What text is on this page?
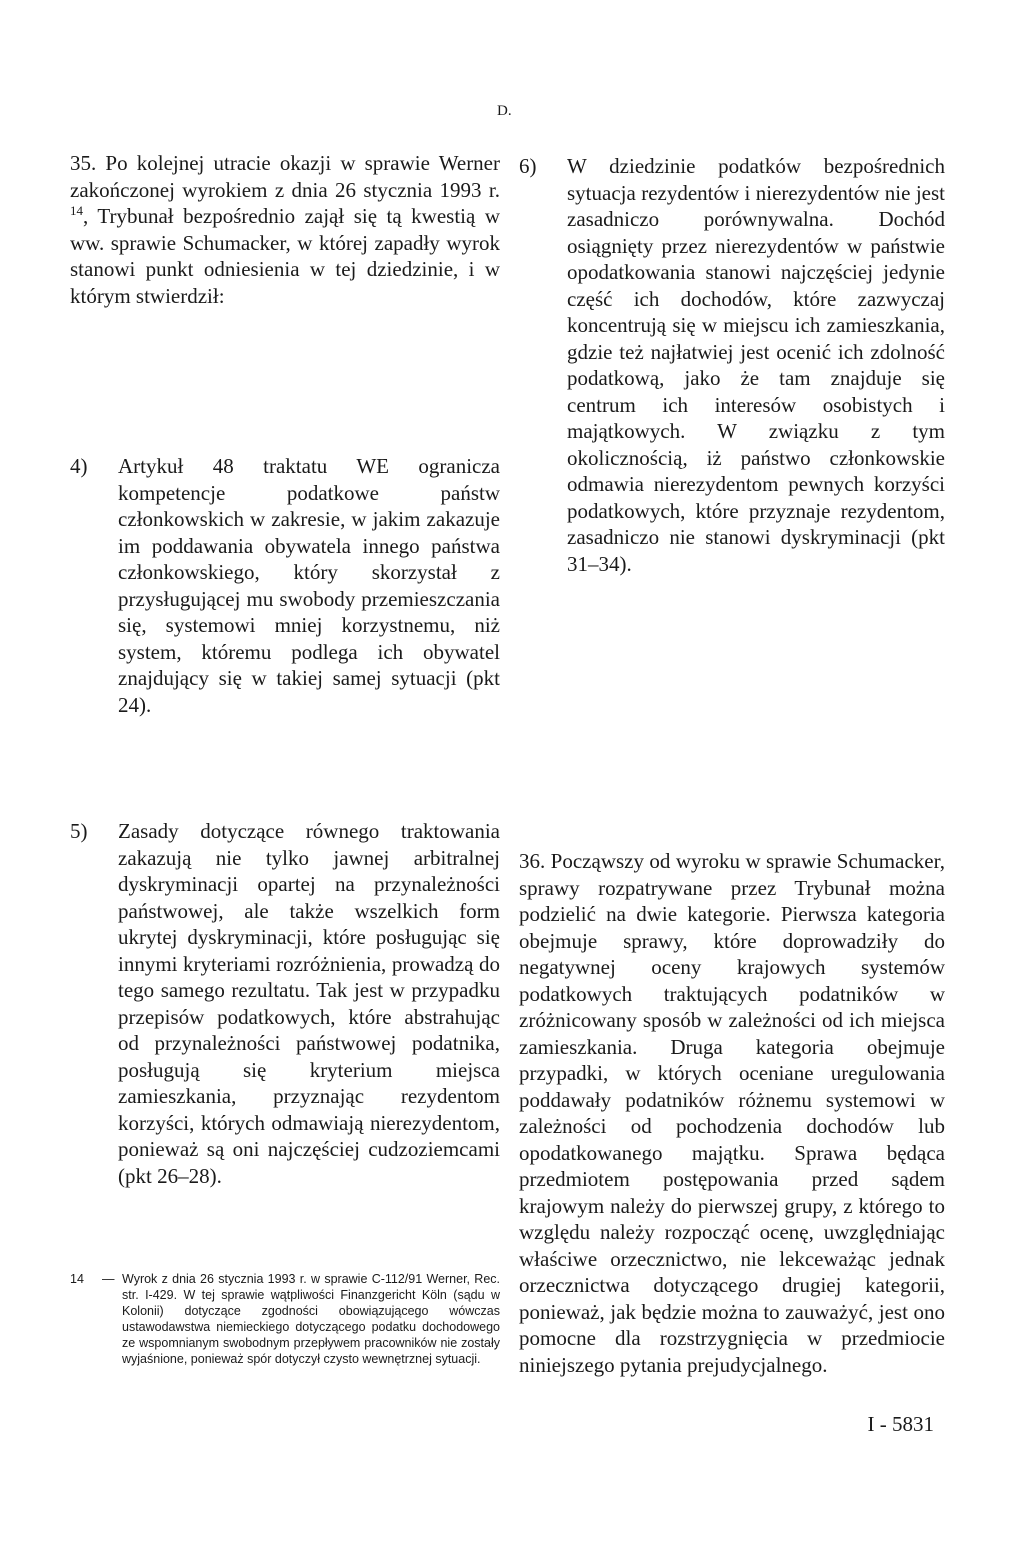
D.

35. Po kolejnej utracie okazji w sprawie Werner zakończonej wyrokiem z dnia 26 stycznia 1993 r. $^{14}$, Trybunał bezpośrednio zajął się tą kwestią w ww. sprawie Schumacker, w której zapadły wyrok stanowi punkt odniesienia w tej dziedzinie, i w którym stwierdził:

4)	Artykuł 48 traktatu WE ogranicza kompetencje podatkowe państw członkowskich w zakresie, w jakim zakazuje im poddawania obywatela innego państwa członkowskiego, który skorzystał z przysługującej mu swobody przemieszczania się, systemowi mniej korzystnemu, niż system, któremu podlega ich obywatel znajdujący się w takiej samej sytuacji (pkt 24).
5)	Zasady dotyczące równego traktowania zakazują nie tylko jawnej arbitralnej dyskryminacji opartej na przynależności państwowej, ale także wszelkich form ukrytej dyskryminacji, które posługując się innymi kryteriami rozróżnienia, prowadzą do tego samego rezultatu. Tak jest w przypadku przepisów podatkowych, które abstrahując od przynależności państwowej podatnika, posługują się kryterium miejsca zamieszkania, przyznając rezydentom korzyści, których odmawiają nierezydentom, ponieważ są oni najczęściej cudzoziemcami (pkt 26–28).
14	— Wyrok z dnia 26 stycznia 1993 r. w sprawie C-112/91 Werner, Rec. str. I-429. W tej sprawie wątpliwości Finanzgericht Köln (sądu w Kolonii) dotyczące zgodności obowiązującego wówczas ustawodawstwa niemieckiego dotyczącego podatku dochodowego ze wspomnianym swobodnym przepływem pracowników nie zostały wyjaśnione, ponieważ spór dotyczył czysto wewnętrznej sytuacji.
6)	W dziedzinie podatków bezpośrednich sytuacja rezydentów i nierezydentów nie jest zasadniczo porównywalna. Dochód osiągnięty przez nierezydentów w państwie opodatkowania stanowi najczęściej jedynie część ich dochodów, które zazwyczaj koncentrują się w miejscu ich zamieszkania, gdzie też najłatwiej jest ocenić ich zdolność podatkową, jako że tam znajduje się centrum ich interesów osobistych i majątkowych. W związku z tym okolicznością, iż państwo członkowskie odmawia nierezydentom pewnych korzyści podatkowych, które przyznaje rezydentom, zasadniczo nie stanowi dyskryminacji (pkt 31–34).

36. Począwszy od wyroku w sprawie Schumacker, sprawy rozpatrywane przez Trybunał można podzielić na dwie kategorie. Pierwsza kategoria obejmuje sprawy, które doprowadziły do negatywnej oceny krajowych systemów podatkowych traktujących podatników w zróżnicowany sposób w zależności od ich miejsca zamieszkania. Druga kategoria obejmuje przypadki, w których oceniane uregulowania poddawały podatników różnemu systemowi w zależności od pochodzenia dochodów lub opodatkowanego majątku. Sprawa będąca przedmiotem postępowania przed sądem krajowym należy do pierwszej grupy, z którego to względu należy rozpocząć ocenę, uwzględniając właściwe orzecznictwo, nie lekceważąc jednak orzecznictwa dotyczącego drugiej kategorii, ponieważ, jak będzie można to zauważyć, jest ono pomocne dla rozstrzygnięcia w przedmiocie niniejszego pytania prejudycjalnego.

I - 5831
